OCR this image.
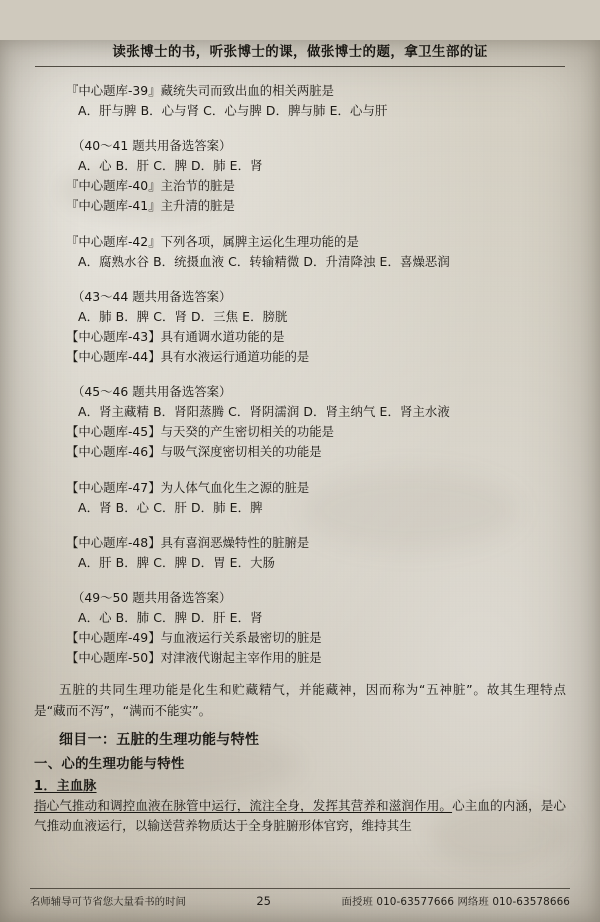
读张博士的书，听张博士的课，做张博士的题，拿卫生部的证
『中心题库-39』藏统失司而致出血的相关两脏是
A．肝与脾 B．心与肾 C．心与脾 D．脾与肺 E．心与肝
（40～41 题共用备选答案）
A．心 B．肝 C．脾 D．肺 E．肾
『中心题库-40』主治节的脏是
『中心题库-41』主升清的脏是
『中心题库-42』下列各项，属脾主运化生理功能的是
A．腐熟水谷 B．统摄血液 C．转输精微 D．升清降浊 E．喜燥恶润
（43～44 题共用备选答案）
A．肺 B．脾 C．肾 D．三焦 E．膀胱
【中心题库-43】具有通调水道功能的是
【中心题库-44】具有水液运行通道功能的是
（45～46 题共用备选答案）
A．肾主藏精 B．肾阳蒸腾 C．肾阴濡润 D．肾主纳气 E．肾主水液
【中心题库-45】与天癸的产生密切相关的功能是
【中心题库-46】与吸气深度密切相关的功能是
【中心题库-47】为人体气血化生之源的脏是
A．肾 B．心 C．肝 D．肺 E．脾
【中心题库-48】具有喜润恶燥特性的脏腑是
A．肝 B．脾 C．脾 D．胃 E．大肠
（49～50 题共用备选答案）
A．心 B．肺 C．脾 D．肝 E．肾
【中心题库-49】与血液运行关系最密切的脏是
【中心题库-50】对津液代谢起主宰作用的脏是
五脏的共同生理功能是化生和贮藏精气，并能藏神，因而称为“五神脏”。故其生理特点是“藏而不泻”，“满而不能实”。
细目一：五脏的生理功能与特性
一、心的生理功能与特性
1．主血脉
指心气推动和调控血液在脉管中运行，流注全身，发挥其营养和滋润作用。心主血的内涵，是心气推动血液运行，以输送营养物质达于全身脏腑形体官窍，维持其生
名师辅导可节省您大量看书的时间	25	面授班 010-63577666 网络班 010-63578666
